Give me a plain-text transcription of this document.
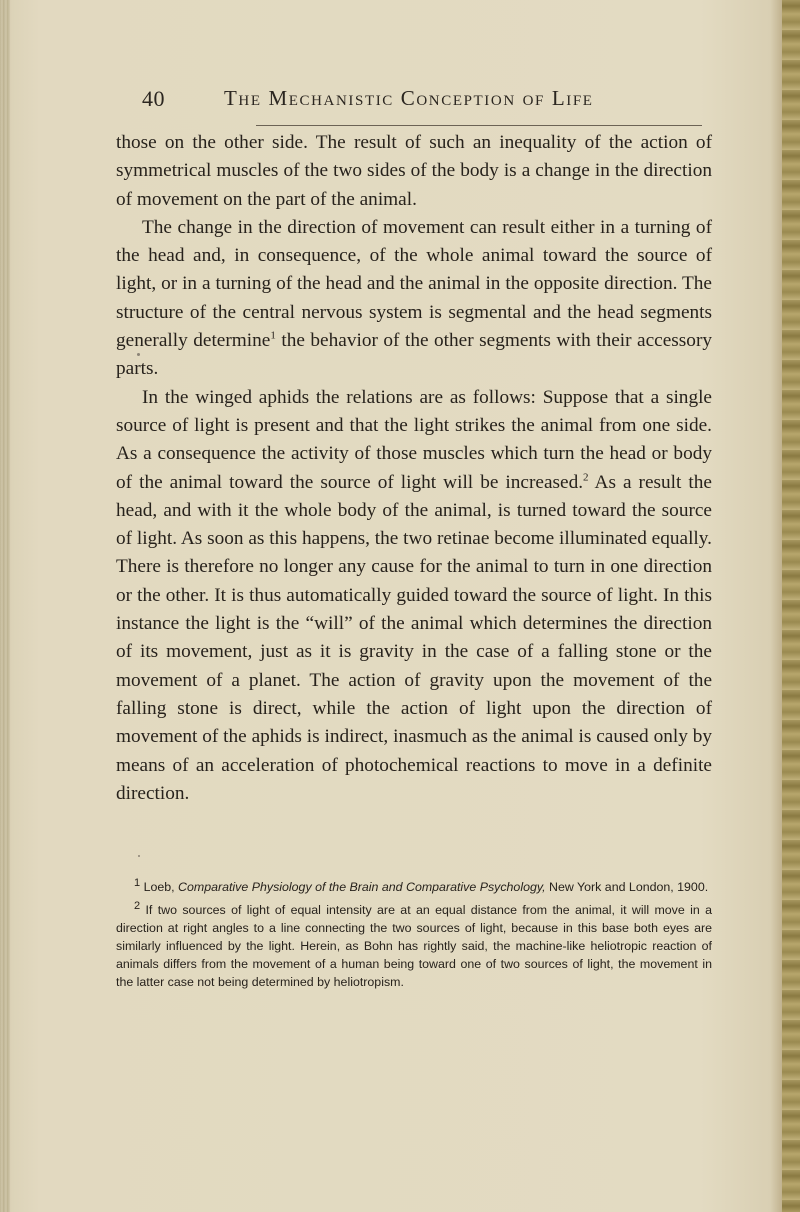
40	The Mechanistic Conception of Life

those on the other side. The result of such an inequality of the action of symmetrical muscles of the two sides of the body is a change in the direction of movement on the part of the animal.

The change in the direction of movement can result either in a turning of the head and, in consequence, of the whole animal toward the source of light, or in a turning of the head and the animal in the opposite direction. The structure of the central nervous system is segmental and the head segments generally determine$^1$ the behavior of the other segments with their accessory parts.

In the winged aphids the relations are as follows: Suppose that a single source of light is present and that the light strikes the animal from one side. As a consequence the activity of those muscles which turn the head or body of the animal toward the source of light will be increased.$^2$ As a result the head, and with it the whole body of the animal, is turned toward the source of light. As soon as this happens, the two retinae become illuminated equally. There is therefore no longer any cause for the animal to turn in one direction or the other. It is thus automatically guided toward the source of light. In this instance the light is the “will” of the animal which determines the direction of its movement, just as it is gravity in the case of a falling stone or the movement of a planet. The action of gravity upon the movement of the falling stone is direct, while the action of light upon the direction of movement of the aphids is indirect, inasmuch as the animal is caused only by means of an acceleration of photochemical reactions to move in a definite direction.

$^1$ Loeb, Comparative Physiology of the Brain and Comparative Psychology, New York and London, 1900.

$^2$ If two sources of light of equal intensity are at an equal distance from the animal, it will move in a direction at right angles to a line connecting the two sources of light, because in this base both eyes are similarly influenced by the light. Herein, as Bohn has rightly said, the machine-like heliotropic reaction of animals differs from the movement of a human being toward one of two sources of light, the movement in the latter case not being determined by heliotropism.
